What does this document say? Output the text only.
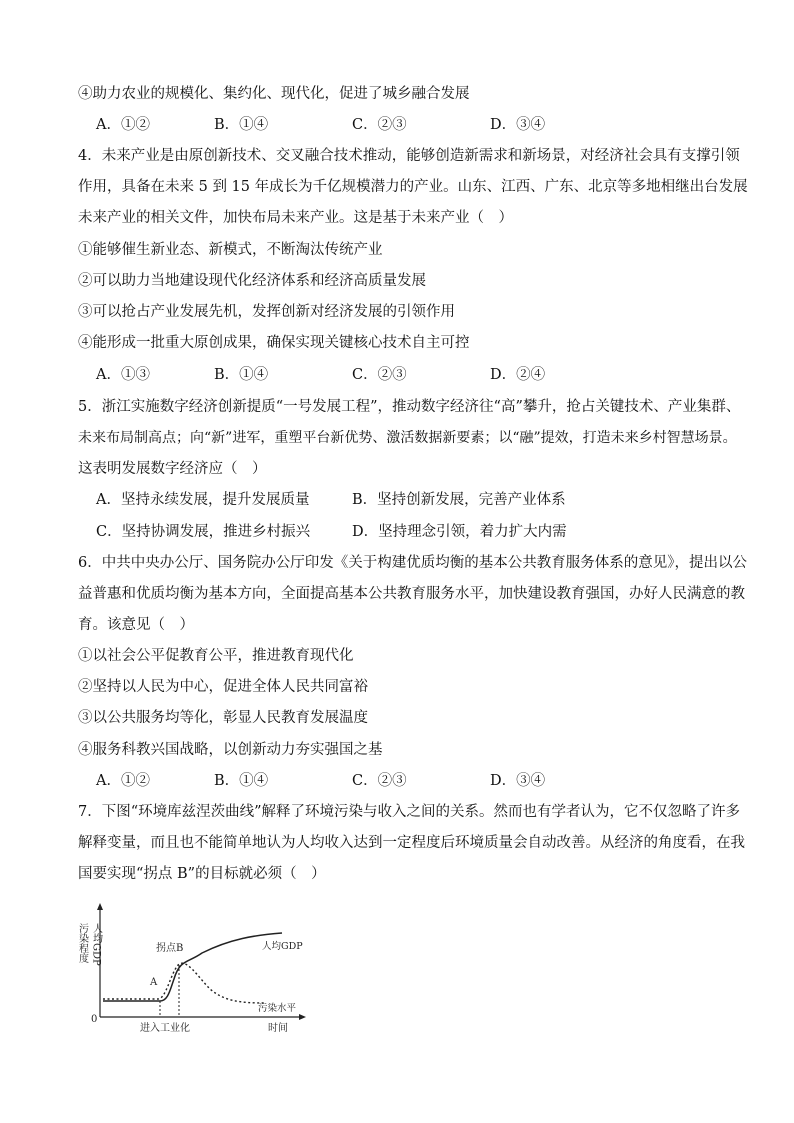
④助力农业的规模化、集约化、现代化，促进了城乡融合发展
A．①②	B．①④	C．②③	D．③④
4．未来产业是由原创新技术、交叉融合技术推动，能够创造新需求和新场景，对经济社会具有支撑引领
作用，具备在未来 5 到 15 年成长为千亿规模潜力的产业。山东、江西、广东、北京等多地相继出台发展
未来产业的相关文件，加快布局未来产业。这是基于未来产业（　）
①能够催生新业态、新模式，不断淘汰传统产业
②可以助力当地建设现代化经济体系和经济高质量发展
③可以抢占产业发展先机，发挥创新对经济发展的引领作用
④能形成一批重大原创成果，确保实现关键核心技术自主可控
A．①③	B．①④	C．②③	D．②④
5．浙江实施数字经济创新提质“一号发展工程”，推动数字经济往“高”攀升，抢占关键技术、产业集群、
未来布局制高点；向“新”进军，重塑平台新优势、激活数据新要素；以“融”提效，打造未来乡村智慧场景。
这表明发展数字经济应（　）
A．坚持永续发展，提升发展质量	B．坚持创新发展，完善产业体系
C．坚持协调发展，推进乡村振兴	D．坚持理念引领，着力扩大内需
6．中共中央办公厅、国务院办公厅印发《关于构建优质均衡的基本公共教育服务体系的意见》，提出以公
益普惠和优质均衡为基本方向，全面提高基本公共教育服务水平，加快建设教育强国，办好人民满意的教
育。该意见（　）
①以社会公平促教育公平，推进教育现代化
②坚持以人民为中心，促进全体人民共同富裕
③以公共服务均等化，彰显人民教育发展温度
④服务科教兴国战略，以创新动力夯实强国之基
A．①②	B．①④	C．②③	D．③④
7．下图“环境库兹涅茨曲线”解释了环境污染与收入之间的关系。然而也有学者认为，它不仅忽略了许多
解释变量，而且也不能简单地认为人均收入达到一定程度后环境质量会自动改善。从经济的角度看，在我
国要实现“拐点 B”的目标就必须（　）
污染程度 人均GDP	拐点B
A
人均GDP
污染水平
0
进入工业化	时间
